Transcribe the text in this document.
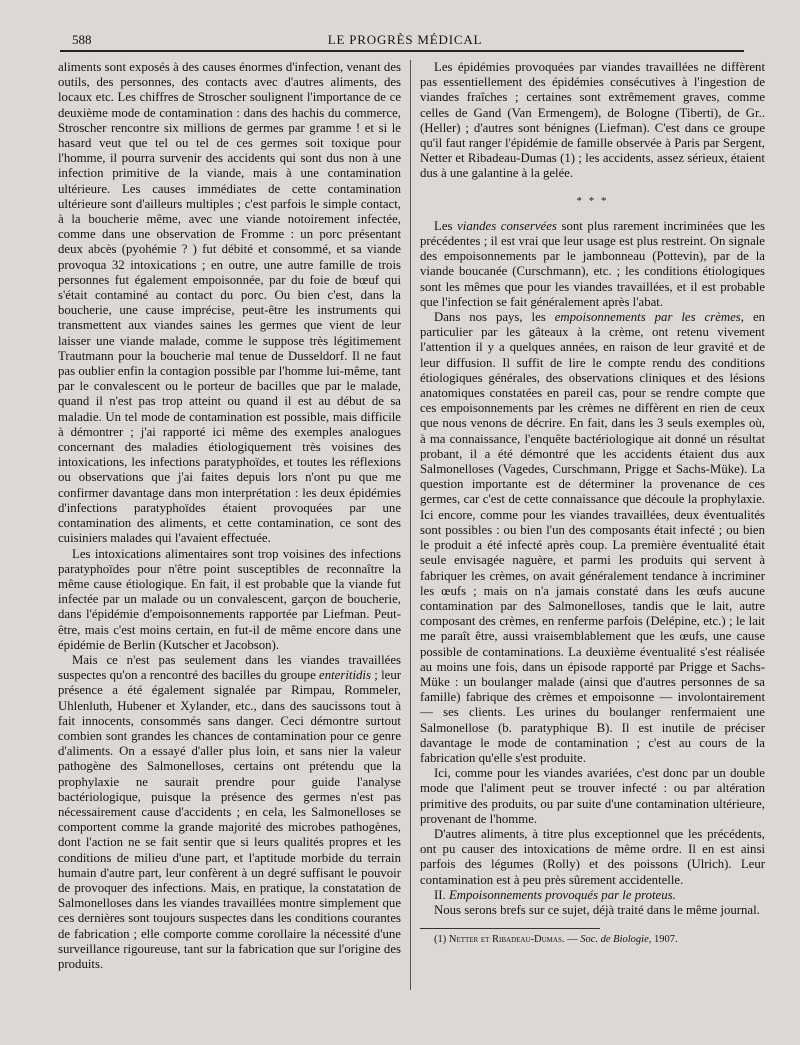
588	LE PROGRÈS MÉDICAL

aliments sont exposés à des causes énormes d'infection, venant des outils, des personnes, des contacts avec d'autres aliments, des locaux etc. Les chiffres de Stroscher soulignent l'importance de ce deuxième mode de contamination : dans des hachis du commerce, Stroscher rencontre six millions de germes par gramme ! et si le hasard veut que tel ou tel de ces germes soit toxique pour l'homme, il pourra survenir des accidents qui sont dus non à une infection primitive de la viande, mais à une contamination ultérieure. Les causes immédiates de cette contamination ultérieure sont d'ailleurs multiples ; c'est parfois le simple contact, à la boucherie même, avec une viande notoirement infectée, comme dans une observation de Fromme : un porc présentant deux abcès (pyohémie ? ) fut débité et consommé, et sa viande provoqua 32 intoxications ; en outre, une autre famille de trois personnes fut également empoisonnée, par du foie de bœuf qui s'était contaminé au contact du porc. Ou bien c'est, dans la boucherie, une cause imprécise, peut-être les instruments qui transmettent aux viandes saines les germes que vient de leur laisser une viande malade, comme le suppose très légitimement Trautmann pour la boucherie mal tenue de Dusseldorf. Il ne faut pas oublier enfin la contagion possible par l'homme lui-même, tant par le convalescent ou le porteur de bacilles que par le malade, quand il n'est pas trop atteint ou quand il est au début de sa maladie. Un tel mode de contamination est possible, mais difficile à démontrer ; j'ai rapporté ici même des exemples analogues concernant des maladies étiologiquement très voisines des intoxications, les infections paratyphoïdes, et toutes les réflexions ou observations que j'ai faites depuis lors n'ont pu que me confirmer davantage dans mon interprétation : les deux épidémies d'infections paratyphoïdes étaient provoquées par une contamination des aliments, et cette contamination, ce sont des cuisiniers malades qui l'avaient effectuée.

Les intoxications alimentaires sont trop voisines des infections paratyphoïdes pour n'être point susceptibles de reconnaître la même cause étiologique. En fait, il est probable que la viande fut infectée par un malade ou un convalescent, garçon de boucherie, dans l'épidémie d'empoisonnements rapportée par Liefman. Peut-être, mais c'est moins certain, en fut-il de même encore dans une épidémie de Berlin (Kutscher et Jacobson).

Mais ce n'est pas seulement dans les viandes travaillées suspectes qu'on a rencontré des bacilles du groupe enteritidis ; leur présence a été également signalée par Rimpau, Rommeler, Uhlenluth, Hubener et Xylander, etc., dans des saucissons tout à fait innocents, consommés sans danger. Ceci démontre surtout combien sont grandes les chances de contamination pour ce genre d'aliments. On a essayé d'aller plus loin, et sans nier la valeur pathogène des Salmonelloses, certains ont prétendu que la prophylaxie ne saurait prendre pour guide l'analyse bactériologique, puisque la présence des germes n'est pas nécessairement cause d'accidents ; en cela, les Salmonelloses se comportent comme la grande majorité des microbes pathogènes, dont l'action ne se fait sentir que si leurs qualités propres et les conditions de milieu d'une part, et l'aptitude morbide du terrain humain d'autre part, leur confèrent à un degré suffisant le pouvoir de provoquer des infections. Mais, en pratique, la constatation de Salmonelloses dans les viandes travaillées montre simplement que ces dernières sont toujours suspectes dans les conditions courantes de fabrication ; elle comporte comme corollaire la nécessité d'une surveillance rigoureuse, tant sur la fabrication que sur l'origine des produits.

Les épidémies provoquées par viandes travaillées ne diffèrent pas essentiellement des épidémies consécutives à l'ingestion de viandes fraîches ; certaines sont extrêmement graves, comme celles de Gand (Van Ermengem), de Bologne (Tiberti), de Gr.. (Heller) ; d'autres sont bénignes (Liefman). C'est dans ce groupe qu'il faut ranger l'épidémie de famille observée à Paris par Sergent, Netter et Ribadeau-Dumas (1) ; les accidents, assez sérieux, étaient dus à une galantine à la gelée.

* * *

Les viandes conservées sont plus rarement incriminées que les précédentes ; il est vrai que leur usage est plus restreint. On signale des empoisonnements par le jambonneau (Pottevin), par de la viande boucanée (Curschmann), etc. ; les conditions étiologiques sont les mêmes que pour les viandes travaillées, et il est probable que l'infection se fait généralement après l'abat.

Dans nos pays, les empoisonnements par les crèmes, en particulier par les gâteaux à la crème, ont retenu vivement l'attention il y a quelques années, en raison de leur gravité et de leur diffusion. Il suffit de lire le compte rendu des conditions étiologiques générales, des observations cliniques et des lésions anatomiques constatées en pareil cas, pour se rendre compte que ces empoisonnements par les crèmes ne diffèrent en rien de ceux que nous venons de décrire. En fait, dans les 3 seuls exemples où, à ma connaissance, l'enquête bactériologique ait donné un résultat probant, il a été démontré que les accidents étaient dus aux Salmonelloses (Vagedes, Curschmann, Prigge et Sachs-Müke). La question importante est de déterminer la provenance de ces germes, car c'est de cette connaissance que découle la prophylaxie. Ici encore, comme pour les viandes travaillées, deux éventualités sont possibles : ou bien l'un des composants était infecté ; ou bien le produit a été infecté après coup. La première éventualité était seule envisagée naguère, et parmi les produits qui servent à fabriquer les crèmes, on avait généralement tendance à incriminer les œufs ; mais on n'a jamais constaté dans les œufs aucune contamination par des Salmonelloses, tandis que le lait, autre composant des crèmes, en renferme parfois (Delépine, etc.) ; le lait me paraît être, aussi vraisemblablement que les œufs, une cause possible de contaminations. La deuxième éventualité s'est réalisée au moins une fois, dans un épisode rapporté par Prigge et Sachs-Müke : un boulanger malade (ainsi que d'autres personnes de sa famille) fabrique des crèmes et empoisonne — involontairement — ses clients. Les urines du boulanger renfermaient une Salmonellose (b. paratyphique B). Il est inutile de préciser davantage le mode de contamination ; c'est au cours de la fabrication qu'elle s'est produite.

Ici, comme pour les viandes avariées, c'est donc par un double mode que l'aliment peut se trouver infecté : ou par altération primitive des produits, ou par suite d'une contamination ultérieure, provenant de l'homme.

D'autres aliments, à titre plus exceptionnel que les précédents, ont pu causer des intoxications de même ordre. Il en est ainsi parfois des légumes (Rolly) et des poissons (Ulrich). Leur contamination est à peu près sûrement accidentelle.

II. Empoisonnements provoqués par le proteus.

Nous serons brefs sur ce sujet, déjà traité dans le même journal.

(1) Netter et Ribadeau-Dumas. — Soc. de Biologie, 1907.
